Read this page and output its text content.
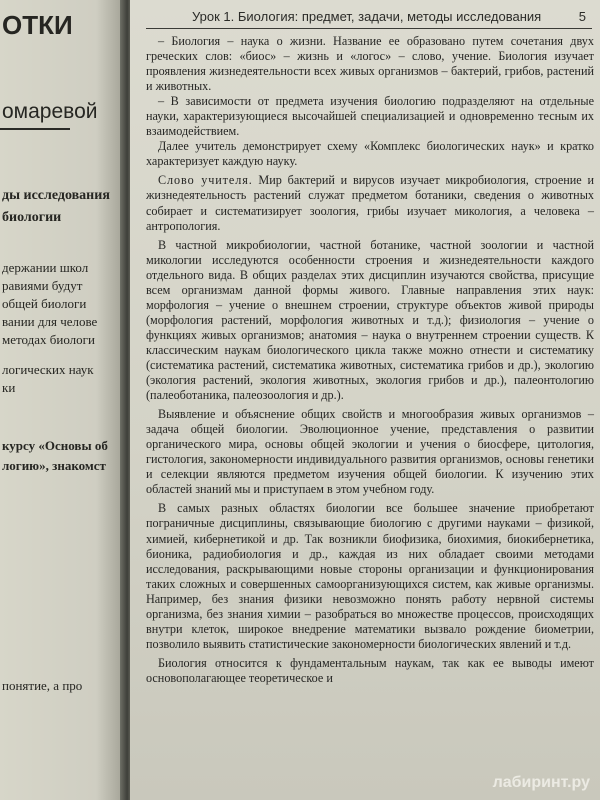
ОТКИ
омаревой
ды исследования
биологии
держании школ
равиями будут
общей биологи
вании для челове
методах биологи
логических наук
ки
курсу «Основы об
логию», знакомст
понятие, а про
Урок 1. Биология: предмет, задачи, методы исследования	5

– Биология – наука о жизни. Название ее образовано путем сочетания двух греческих слов: «биос» – жизнь и «логос» – слово, учение. Биология изучает проявления жизнедеятельности всех живых организмов – бактерий, грибов, растений и животных.

– В зависимости от предмета изучения биологию подразделяют на отдельные науки, характеризующиеся высочайшей специализацией и одновременно тесным их взаимодействием.

Далее учитель демонстрирует схему «Комплекс биологических наук» и кратко характеризует каждую науку.

Слово учителя. Мир бактерий и вирусов изучает микробиология, строение и жизнедеятельность растений служат предметом ботаники, сведения о животных собирает и систематизирует зоология, грибы изучает микология, а человека – антропология.

В частной микробиологии, частной ботанике, частной зоологии и частной микологии исследуются особенности строения и жизнедеятельности каждого отдельного вида. В общих разделах этих дисциплин изучаются свойства, присущие всем организмам данной формы живого. Главные направления этих наук: морфология – учение о внешнем строении, структуре объектов живой природы (морфология растений, морфология животных и т.д.); физиология – учение о функциях живых организмов; анатомия – наука о внутреннем строении существ. К классическим наукам биологического цикла также можно отнести и систематику (систематика растений, систематика животных, систематика грибов и др.), экологию (экология растений, экология животных, экология грибов и др.), палеонтологию (палеоботаника, палеозоология и др.).

Выявление и объяснение общих свойств и многообразия живых организмов – задача общей биологии. Эволюционное учение, представления о развитии органического мира, основы общей экологии и учения о биосфере, цитология, гистология, закономерности индивидуального развития организмов, основы генетики и селекции являются предметом изучения общей биологии. К изучению этих областей знаний мы и приступаем в этом учебном году.

В самых разных областях биологии все большее значение приобретают пограничные дисциплины, связывающие биологию с другими науками – физикой, химией, кибернетикой и др. Так возникли биофизика, биохимия, биокибернетика, бионика, радиобиология и др., каждая из них обладает своими методами исследования, раскрывающими новые стороны организации и функционирования таких сложных и совершенных самоорганизующихся систем, как живые организмы. Например, без знания физики невозможно понять работу нервной системы организма, без знания химии – разобраться во множестве процессов, происходящих внутри клеток, широкое внедрение математики вызвало рождение биометрии, позволило выявить статистические закономерности биологических явлений и т.д.

Биология относится к фундаментальным наукам, так как ее выводы имеют основополагающее теоретическое и

лабиринт.ру
